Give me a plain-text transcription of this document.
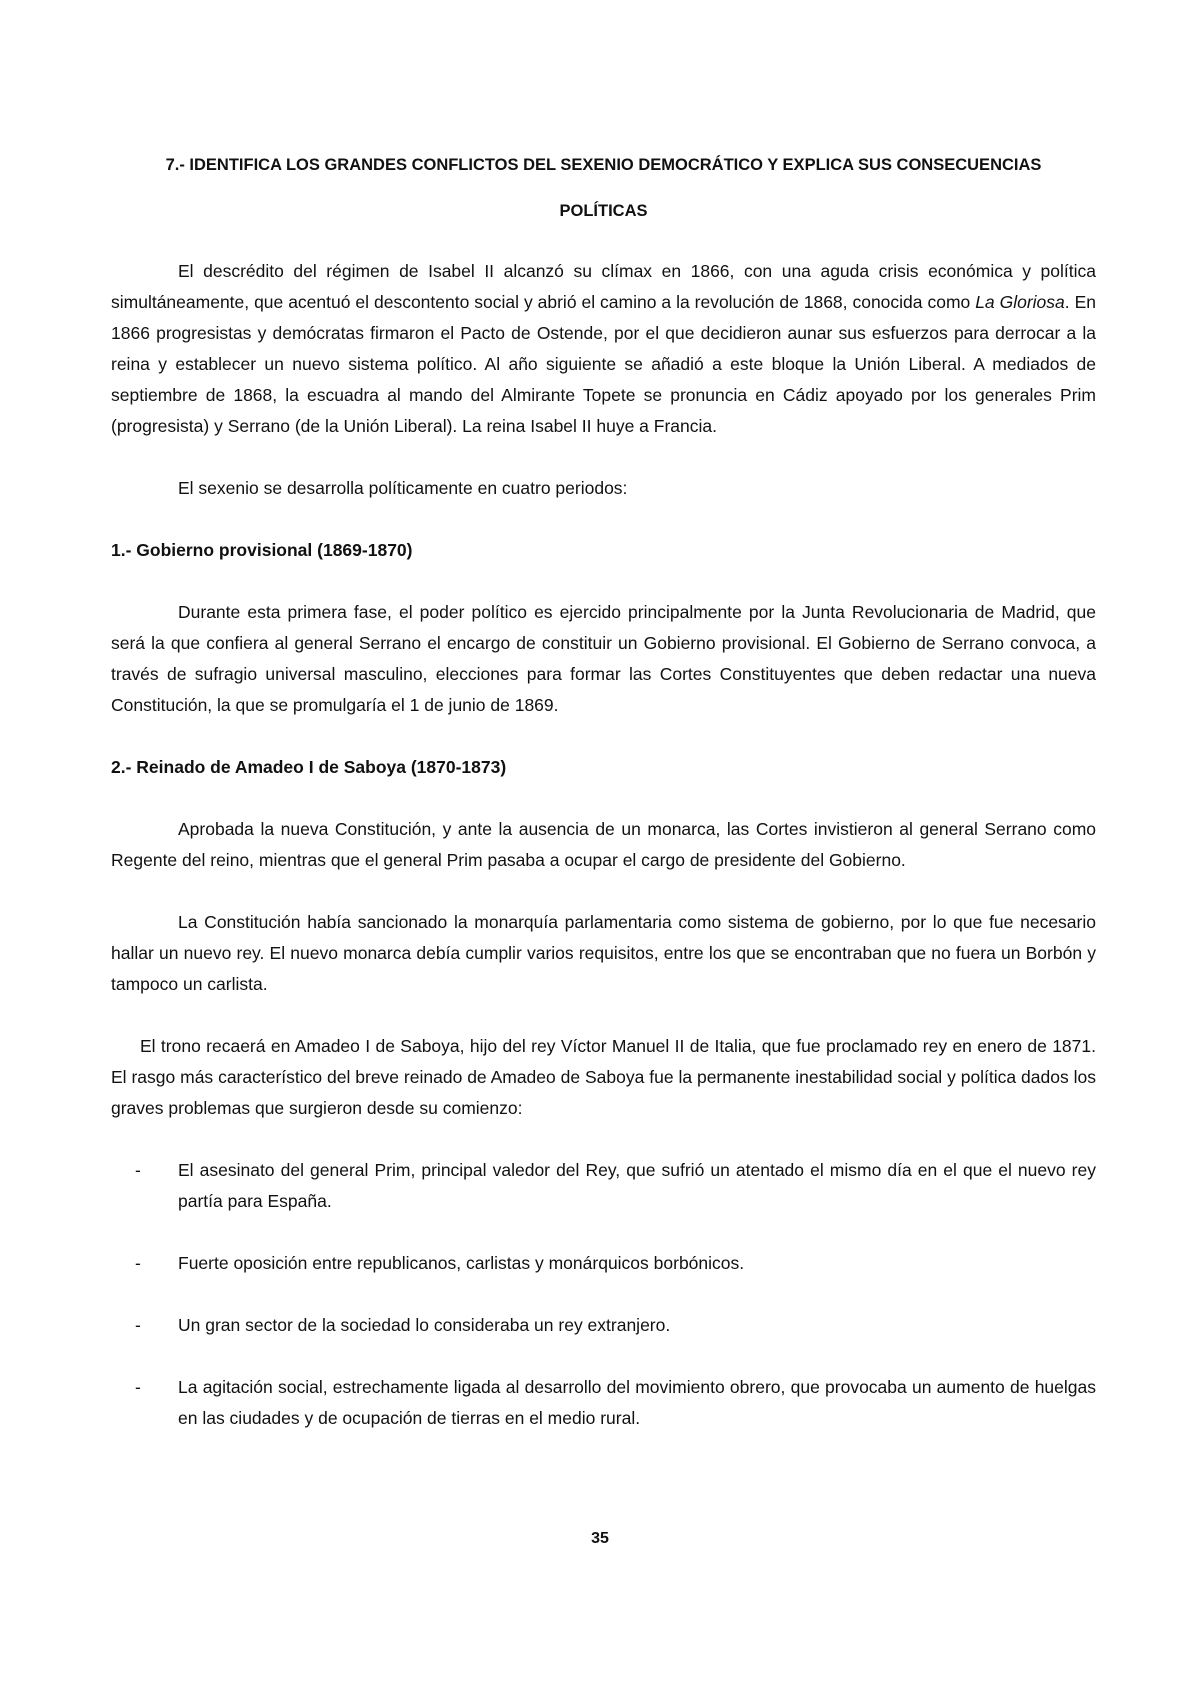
7.- IDENTIFICA LOS GRANDES CONFLICTOS DEL SEXENIO DEMOCRÁTICO Y EXPLICA SUS CONSECUENCIAS
POLÍTICAS

El descrédito del régimen de Isabel II alcanzó su clímax en 1866, con una aguda crisis económica y política simultáneamente, que acentuó el descontento social y abrió el camino a la revolución de 1868, conocida como La Gloriosa. En 1866 progresistas y demócratas firmaron el Pacto de Ostende, por el que decidieron aunar sus esfuerzos para derrocar a la reina y establecer un nuevo sistema político. Al año siguiente se añadió a este bloque la Unión Liberal. A mediados de septiembre de 1868, la escuadra al mando del Almirante Topete se pronuncia en Cádiz apoyado por los generales Prim (progresista) y Serrano (de la Unión Liberal). La reina Isabel II huye a Francia.

El sexenio se desarrolla políticamente en cuatro periodos:

1.- Gobierno provisional (1869-1870)

Durante esta primera fase, el poder político es ejercido principalmente por la Junta Revolucionaria de Madrid, que será la que confiera al general Serrano el encargo de constituir un Gobierno provisional. El Gobierno de Serrano convoca, a través de sufragio universal masculino, elecciones para formar las Cortes Constituyentes que deben redactar una nueva Constitución, la que se promulgaría el 1 de junio de 1869.

2.- Reinado de Amadeo I de Saboya (1870-1873)

Aprobada la nueva Constitución, y ante la ausencia de un monarca, las Cortes invistieron al general Serrano como Regente del reino, mientras que el general Prim pasaba a ocupar el cargo de presidente del Gobierno.

La Constitución había sancionado la monarquía parlamentaria como sistema de gobierno, por lo que fue necesario hallar un nuevo rey. El nuevo monarca debía cumplir varios requisitos, entre los que se encontraban que no fuera un Borbón y tampoco un carlista.

El trono recaerá en Amadeo I de Saboya, hijo del rey Víctor Manuel II de Italia, que fue proclamado rey en enero de 1871. El rasgo más característico del breve reinado de Amadeo de Saboya fue la permanente inestabilidad social y política dados los graves problemas que surgieron desde su comienzo:

- El asesinato del general Prim, principal valedor del Rey, que sufrió un atentado el mismo día en el que el nuevo rey partía para España.
- Fuerte oposición entre republicanos, carlistas y monárquicos borbónicos.
- Un gran sector de la sociedad lo consideraba un rey extranjero.
- La agitación social, estrechamente ligada al desarrollo del movimiento obrero, que provocaba un aumento de huelgas en las ciudades y de ocupación de tierras en el medio rural.
35
